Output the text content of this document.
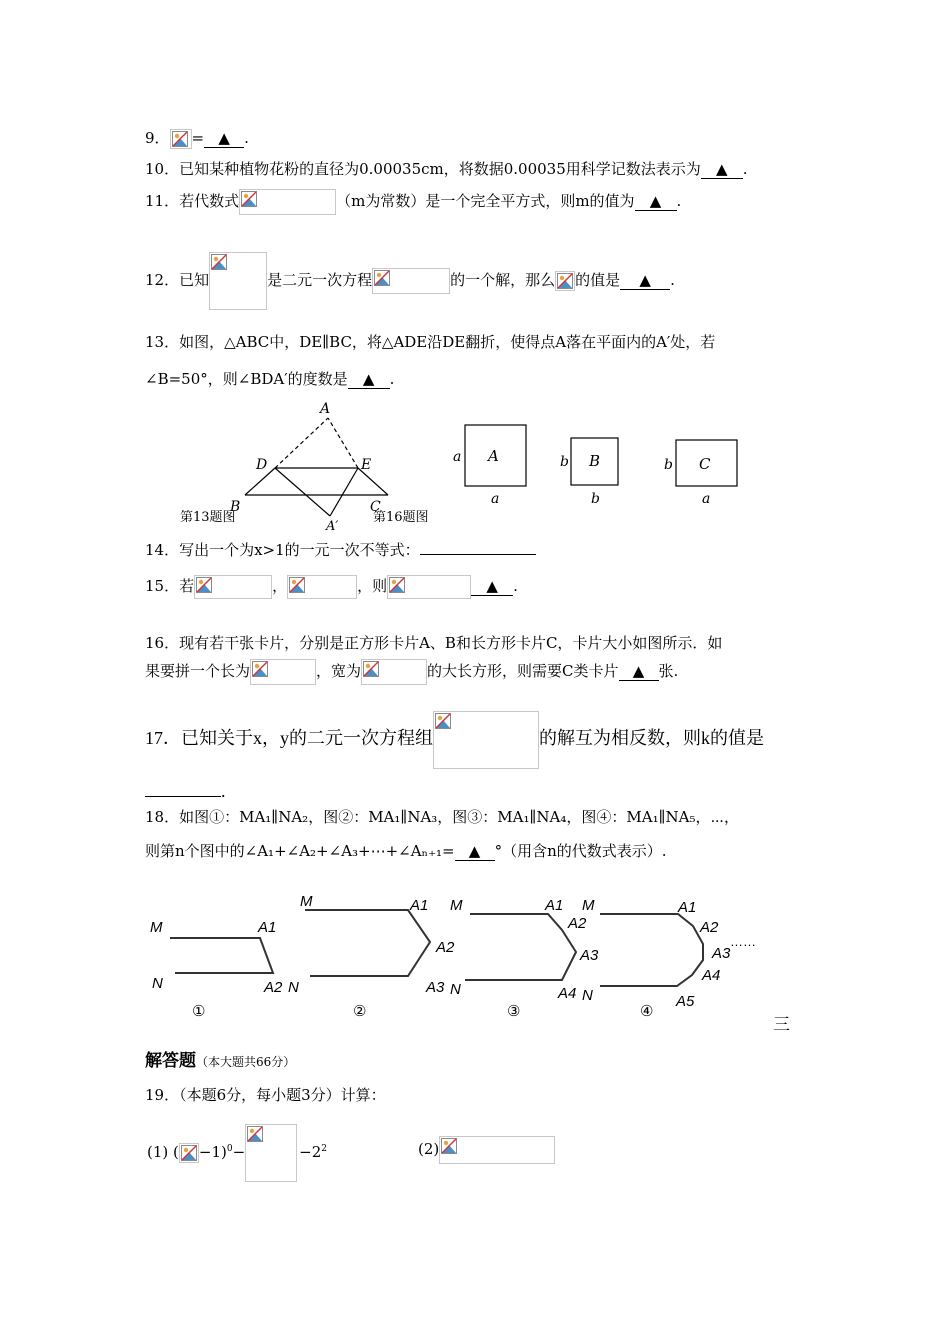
9． = ▲ .
10．已知某种植物花粉的直径为0.00035cm，将数据0.00035用科学记数法表示为 ▲ .
11．若代数式	（m为常数）是一个完全平方式，则m的值为 ▲ .
12．已知	是二元一次方程	的一个解，那么 的值是 ▲ .
13．如图，△ABC中，DE∥BC，将△ADE沿DE翻折，使得点A落在平面内的A′处，若
∠B=50°，则∠BDA′的度数是 ▲ .
A
D	E
B	C
A′
第13题图
A
a
a
B
b
b
C
b
a
第16题图
14．写出一个为x>1的一元一次不等式：
15．若	，	，则	▲ .
16．现有若干张卡片，分别是正方形卡片A、B和长方形卡片C，卡片大小如图所示．如
果要拼一个长为	，宽为	的大长方形，则需要C类卡片 ▲ 张.
17．已知关于x，y的二元一次方程组	的解互为相反数，则k的值是
.
18．如图①：MA₁∥NA₂，图②：MA₁∥NA₃，图③：MA₁∥NA₄，图④：MA₁∥NA₅，⋯，
则第n个图中的∠A₁+∠A₂+∠A₃+⋯+∠Aₙ₊₁= ▲ °（用含n的代数式表示）.
M
N
A1
A2
①
M
N
A1
A2
A3
②
M
N
A1
A2
A3
A4
③
M
N
A1
A2
A3
A4
A5
……
④
三
解答题（本大题共66分）
19．（本题6分，每小题3分）计算：
(1) ( −1)$^0$−	$-2^2$	(2)
